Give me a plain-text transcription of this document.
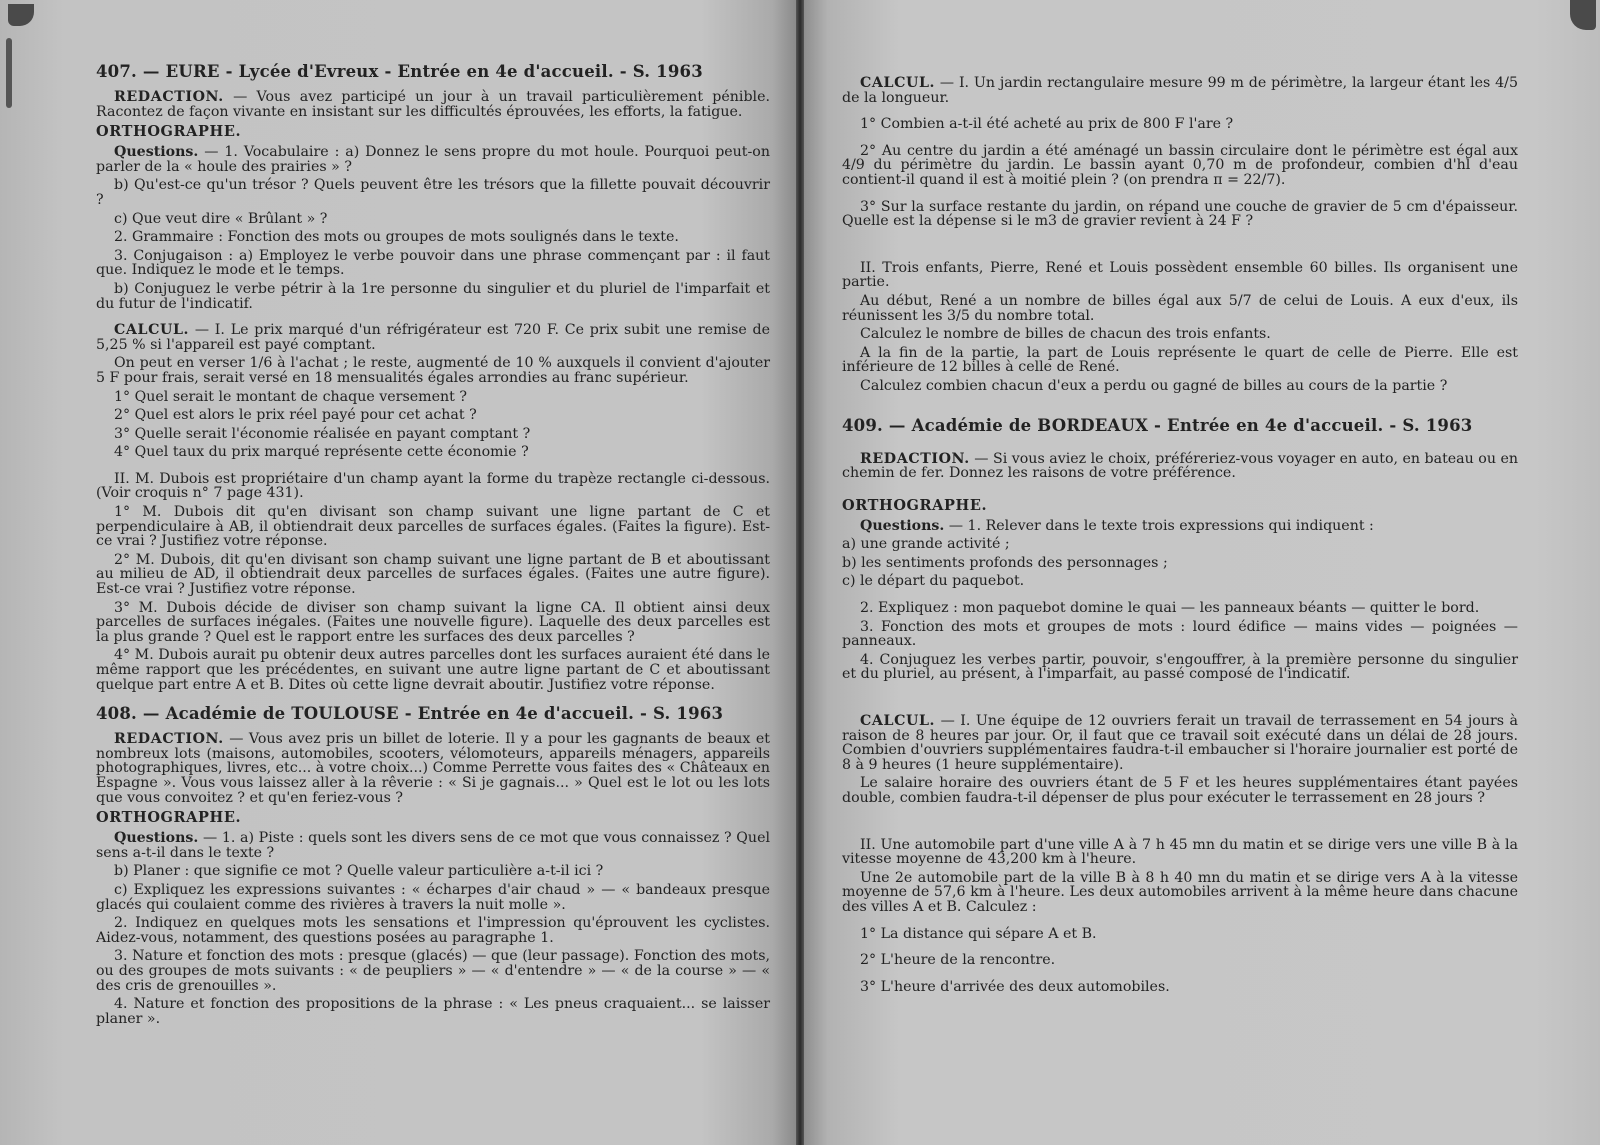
407. — EURE - Lycée d'Evreux - Entrée en 4e d'accueil. - S. 1963

REDACTION. — Vous avez participé un jour à un travail particulièrement pénible. Racontez de façon vivante en insistant sur les difficultés éprouvées, les efforts, la fatigue.

ORTHOGRAPHE.

Questions. — 1. Vocabulaire : a) Donnez le sens propre du mot houle. Pourquoi peut-on parler de la « houle des prairies » ?

b) Qu'est-ce qu'un trésor ? Quels peuvent être les trésors que la fillette pouvait découvrir ?

c) Que veut dire « Brûlant » ?

2. Grammaire : Fonction des mots ou groupes de mots soulignés dans le texte.

3. Conjugaison : a) Employez le verbe pouvoir dans une phrase commençant par : il faut que. Indiquez le mode et le temps.

b) Conjuguez le verbe pétrir à la 1re personne du singulier et du pluriel de l'imparfait et du futur de l'indicatif.

CALCUL. — I. Le prix marqué d'un réfrigérateur est 720 F. Ce prix subit une remise de 5,25 % si l'appareil est payé comptant.

On peut en verser 1/6 à l'achat ; le reste, augmenté de 10 % auxquels il convient d'ajouter 5 F pour frais, serait versé en 18 mensualités égales arrondies au franc supérieur.

1° Quel serait le montant de chaque versement ?

2° Quel est alors le prix réel payé pour cet achat ?

3° Quelle serait l'économie réalisée en payant comptant ?

4° Quel taux du prix marqué représente cette économie ?

II. M. Dubois est propriétaire d'un champ ayant la forme du trapèze rectangle ci-dessous. (Voir croquis n° 7 page 431).

1° M. Dubois dit qu'en divisant son champ suivant une ligne partant de C et perpendiculaire à AB, il obtiendrait deux parcelles de surfaces égales. (Faites la figure). Est-ce vrai ? Justifiez votre réponse.

2° M. Dubois, dit qu'en divisant son champ suivant une ligne partant de B et aboutissant au milieu de AD, il obtiendrait deux parcelles de surfaces égales. (Faites une autre figure). Est-ce vrai ? Justifiez votre réponse.

3° M. Dubois décide de diviser son champ suivant la ligne CA. Il obtient ainsi deux parcelles de surfaces inégales. (Faites une nouvelle figure). Laquelle des deux parcelles est la plus grande ? Quel est le rapport entre les surfaces des deux parcelles ?

4° M. Dubois aurait pu obtenir deux autres parcelles dont les surfaces auraient été dans le même rapport que les précédentes, en suivant une autre ligne partant de C et aboutissant quelque part entre A et B. Dites où cette ligne devrait aboutir. Justifiez votre réponse.

408. — Académie de TOULOUSE - Entrée en 4e d'accueil. - S. 1963

REDACTION. — Vous avez pris un billet de loterie. Il y a pour les gagnants de beaux et nombreux lots (maisons, automobiles, scooters, vélomoteurs, appareils ménagers, appareils photographiques, livres, etc... à votre choix...) Comme Perrette vous faites des « Châteaux en Espagne ». Vous vous laissez aller à la rêverie : « Si je gagnais... » Quel est le lot ou les lots que vous convoitez ? et qu'en feriez-vous ?

ORTHOGRAPHE.

Questions. — 1. a) Piste : quels sont les divers sens de ce mot que vous connaissez ? Quel sens a-t-il dans le texte ?

b) Planer : que signifie ce mot ? Quelle valeur particulière a-t-il ici ?

c) Expliquez les expressions suivantes : « écharpes d'air chaud » — « bandeaux presque glacés qui coulaient comme des rivières à travers la nuit molle ».

2. Indiquez en quelques mots les sensations et l'impression qu'éprouvent les cyclistes. Aidez-vous, notamment, des questions posées au paragraphe 1.

3. Nature et fonction des mots : presque (glacés) — que (leur passage). Fonction des mots, ou des groupes de mots suivants : « de peupliers » — « d'entendre » — « de la course » — « des cris de grenouilles ».

4. Nature et fonction des propositions de la phrase : « Les pneus craquaient... se laisser planer ».

CALCUL. — I. Un jardin rectangulaire mesure 99 m de périmètre, la largeur étant les 4/5 de la longueur.

1° Combien a-t-il été acheté au prix de 800 F l'are ?

2° Au centre du jardin a été aménagé un bassin circulaire dont le périmètre est égal aux 4/9 du périmètre du jardin. Le bassin ayant 0,70 m de profondeur, combien d'hl d'eau contient-il quand il est à moitié plein ? (on prendra π = 22/7).

3° Sur la surface restante du jardin, on répand une couche de gravier de 5 cm d'épaisseur. Quelle est la dépense si le m3 de gravier revient à 24 F ?

II. Trois enfants, Pierre, René et Louis possèdent ensemble 60 billes. Ils organisent une partie.

Au début, René a un nombre de billes égal aux 5/7 de celui de Louis. A eux d'eux, ils réunissent les 3/5 du nombre total.

Calculez le nombre de billes de chacun des trois enfants.

A la fin de la partie, la part de Louis représente le quart de celle de Pierre. Elle est inférieure de 12 billes à celle de René.

Calculez combien chacun d'eux a perdu ou gagné de billes au cours de la partie ?

409. — Académie de BORDEAUX - Entrée en 4e d'accueil. - S. 1963

REDACTION. — Si vous aviez le choix, préféreriez-vous voyager en auto, en bateau ou en chemin de fer. Donnez les raisons de votre préférence.

ORTHOGRAPHE.

Questions. — 1. Relever dans le texte trois expressions qui indiquent :

a) une grande activité ;

b) les sentiments profonds des personnages ;

c) le départ du paquebot.

2. Expliquez : mon paquebot domine le quai — les panneaux béants — quitter le bord.

3. Fonction des mots et groupes de mots : lourd édifice — mains vides — poignées — panneaux.

4. Conjuguez les verbes partir, pouvoir, s'engouffrer, à la première personne du singulier et du pluriel, au présent, à l'imparfait, au passé composé de l'indicatif.

CALCUL. — I. Une équipe de 12 ouvriers ferait un travail de terrassement en 54 jours à raison de 8 heures par jour. Or, il faut que ce travail soit exécuté dans un délai de 28 jours. Combien d'ouvriers supplémentaires faudra-t-il embaucher si l'horaire journalier est porté de 8 à 9 heures (1 heure supplémentaire).

Le salaire horaire des ouvriers étant de 5 F et les heures supplémentaires étant payées double, combien faudra-t-il dépenser de plus pour exécuter le terrassement en 28 jours ?

II. Une automobile part d'une ville A à 7 h 45 mn du matin et se dirige vers une ville B à la vitesse moyenne de 43,200 km à l'heure.

Une 2e automobile part de la ville B à 8 h 40 mn du matin et se dirige vers A à la vitesse moyenne de 57,6 km à l'heure. Les deux automobiles arrivent à la même heure dans chacune des villes A et B. Calculez :

1° La distance qui sépare A et B.

2° L'heure de la rencontre.

3° L'heure d'arrivée des deux automobiles.
